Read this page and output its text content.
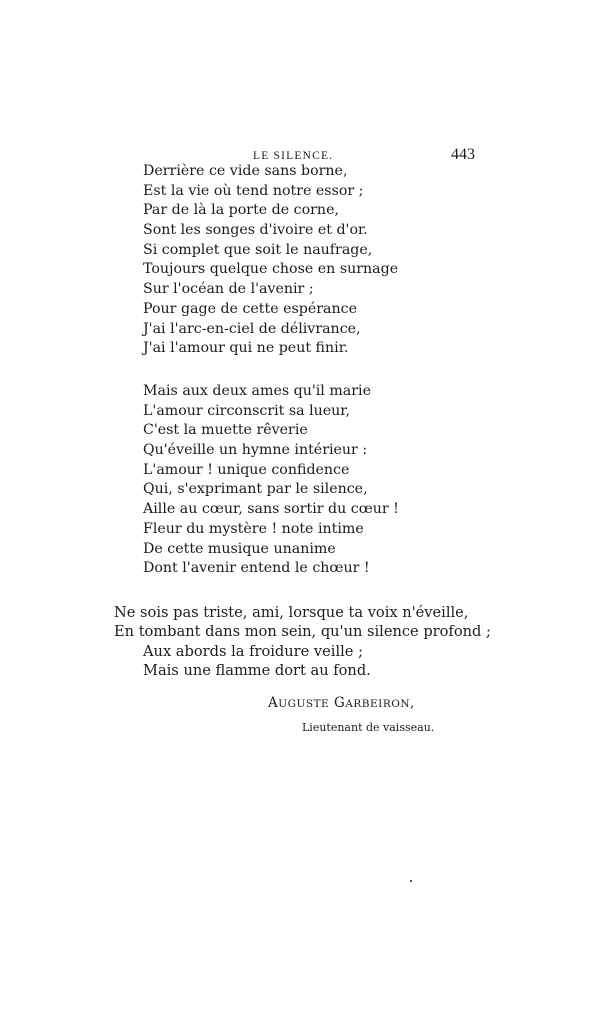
LE SILENCE.	443
Derrière ce vide sans borne,
Est la vie où tend notre essor ;
Par de là la porte de corne,
Sont les songes d'ivoire et d'or.
Si complet que soit le naufrage,
Toujours quelque chose en surnage
Sur l'océan de l'avenir ;
Pour gage de cette espérance
J'ai l'arc-en-ciel de délivrance,
J'ai l'amour qui ne peut finir.
Mais aux deux ames qu'il marie
L'amour circonscrit sa lueur,
C'est la muette rêverie
Qu'éveille un hymne intérieur :
L'amour ! unique confidence
Qui, s'exprimant par le silence,
Aille au cœur, sans sortir du cœur !
Fleur du mystère ! note intime
De cette musique unanime
Dont l'avenir entend le chœur !
Ne sois pas triste, ami, lorsque ta voix n'éveille,
En tombant dans mon sein, qu'un silence profond ;
Aux abords la froidure veille ;
Mais une flamme dort au fond.
AUGUSTE GARBEIRON,
Lieutenant de vaisseau.
